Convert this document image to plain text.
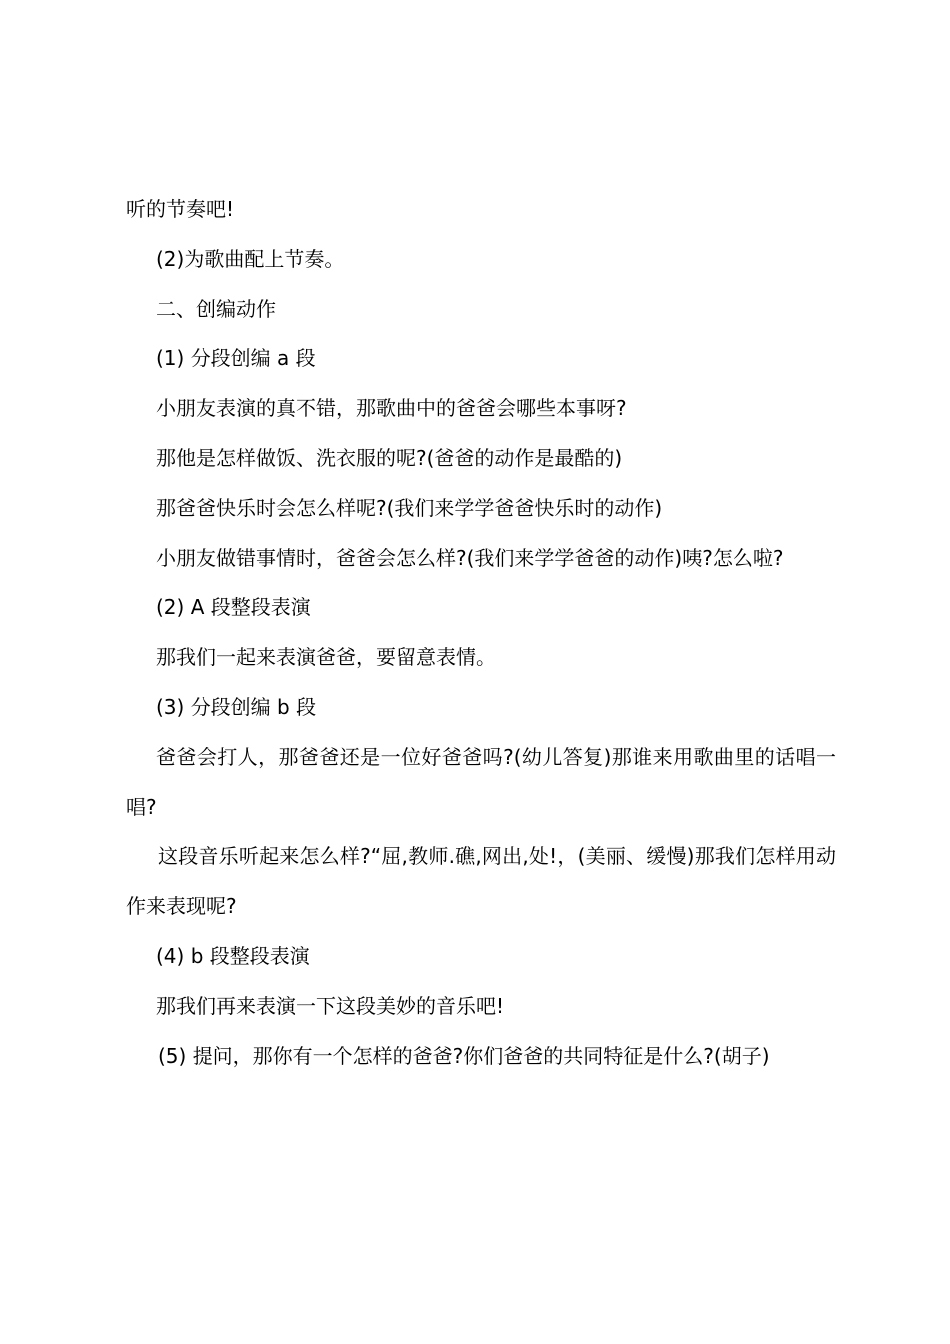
听的节奏吧!

(2)为歌曲配上节奏。

二、创编动作

(1) 分段创编 a 段

小朋友表演的真不错，那歌曲中的爸爸会哪些本事呀?

那他是怎样做饭、洗衣服的呢?(爸爸的动作是最酷的)

那爸爸快乐时会怎么样呢?(我们来学学爸爸快乐时的动作)

小朋友做错事情时，爸爸会怎么样?(我们来学学爸爸的动作)咦?怎么啦?

(2) A 段整段表演

那我们一起来表演爸爸，要留意表情。

(3) 分段创编 b 段

爸爸会打人，那爸爸还是一位好爸爸吗?(幼儿答复)那谁来用歌曲里的话唱一唱?

这段音乐听起来怎么样?“屈,教师.礁,网出,处!，(美丽、缓慢)那我们怎样用动作来表现呢?

(4) b 段整段表演

那我们再来表演一下这段美妙的音乐吧!

(5) 提问，那你有一个怎样的爸爸?你们爸爸的共同特征是什么?(胡子)
